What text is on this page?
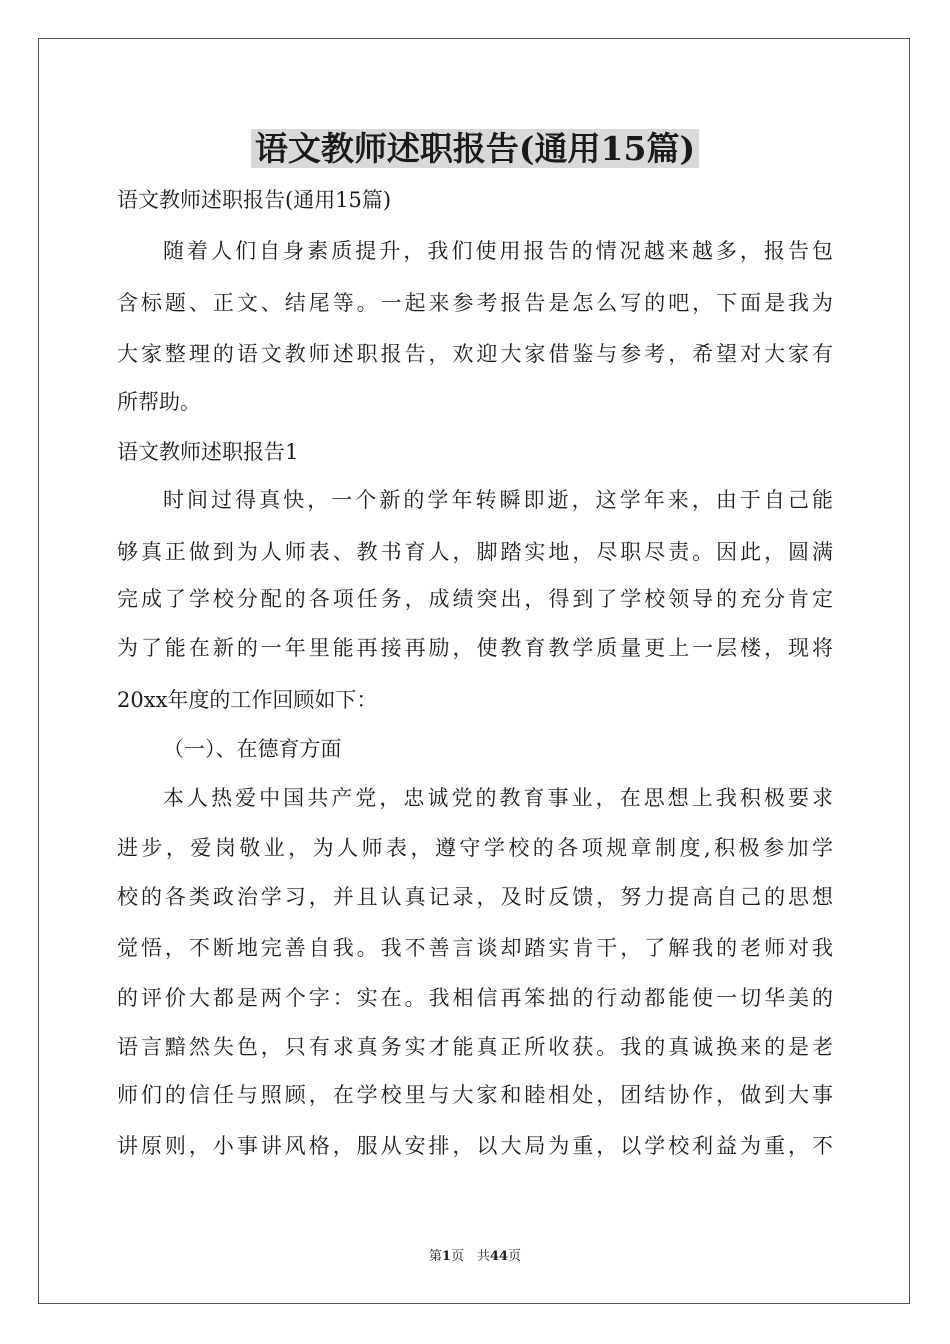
语文教师述职报告(通用15篇)
语文教师述职报告(通用15篇)
随着人们自身素质提升，我们使用报告的情况越来越多，报告包
含标题、正文、结尾等。一起来参考报告是怎么写的吧，下面是我为
大家整理的语文教师述职报告，欢迎大家借鉴与参考，希望对大家有
所帮助。
语文教师述职报告1
时间过得真快，一个新的学年转瞬即逝，这学年来，由于自己能
够真正做到为人师表、教书育人，脚踏实地，尽职尽责。因此，圆满
完成了学校分配的各项任务，成绩突出，得到了学校领导的充分肯定
为了能在新的一年里能再接再励，使教育教学质量更上一层楼，现将
20xx年度的工作回顾如下：
（一）、在德育方面
本人热爱中国共产党，忠诚党的教育事业，在思想上我积极要求
进步，爱岗敬业，为人师表，遵守学校的各项规章制度,积极参加学
校的各类政治学习，并且认真记录，及时反馈，努力提高自己的思想
觉悟，不断地完善自我。我不善言谈却踏实肯干，了解我的老师对我
的评价大都是两个字：实在。我相信再笨拙的行动都能使一切华美的
语言黯然失色，只有求真务实才能真正所收获。我的真诚换来的是老
师们的信任与照顾，在学校里与大家和睦相处，团结协作，做到大事
讲原则，小事讲风格，服从安排，以大局为重，以学校利益为重，不
第1页　共44页
